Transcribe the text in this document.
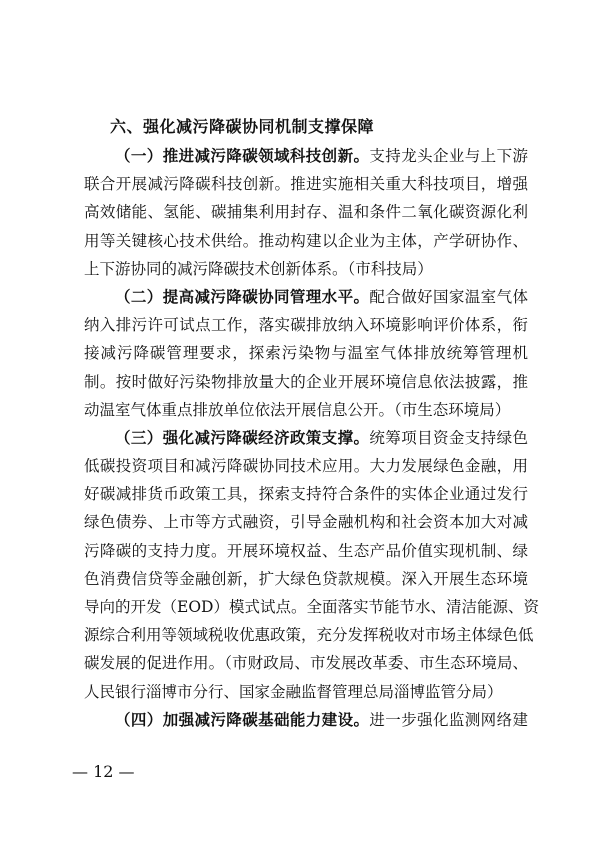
六、强化减污降碳协同机制支撑保障
（一）推进减污降碳领域科技创新。支持龙头企业与上下游
联合开展减污降碳科技创新。推进实施相关重大科技项目，增强
高效储能、氢能、碳捕集利用封存、温和条件二氧化碳资源化利
用等关键核心技术供给。推动构建以企业为主体，产学研协作、
上下游协同的减污降碳技术创新体系。（市科技局）
（二）提高减污降碳协同管理水平。配合做好国家温室气体
纳入排污许可试点工作，落实碳排放纳入环境影响评价体系，衔
接减污降碳管理要求，探索污染物与温室气体排放统筹管理机
制。按时做好污染物排放量大的企业开展环境信息依法披露，推
动温室气体重点排放单位依法开展信息公开。（市生态环境局）
（三）强化减污降碳经济政策支撑。统筹项目资金支持绿色
低碳投资项目和减污降碳协同技术应用。大力发展绿色金融，用
好碳减排货币政策工具，探索支持符合条件的实体企业通过发行
绿色债券、上市等方式融资，引导金融机构和社会资本加大对减
污降碳的支持力度。开展环境权益、生态产品价值实现机制、绿
色消费信贷等金融创新，扩大绿色贷款规模。深入开展生态环境
导向的开发（EOD）模式试点。全面落实节能节水、清洁能源、资
源综合利用等领域税收优惠政策，充分发挥税收对市场主体绿色低
碳发展的促进作用。（市财政局、市发展改革委、市生态环境局、
人民银行淄博市分行、国家金融监督管理总局淄博监管分局）
（四）加强减污降碳基础能力建设。进一步强化监测网络建
— 12 —
